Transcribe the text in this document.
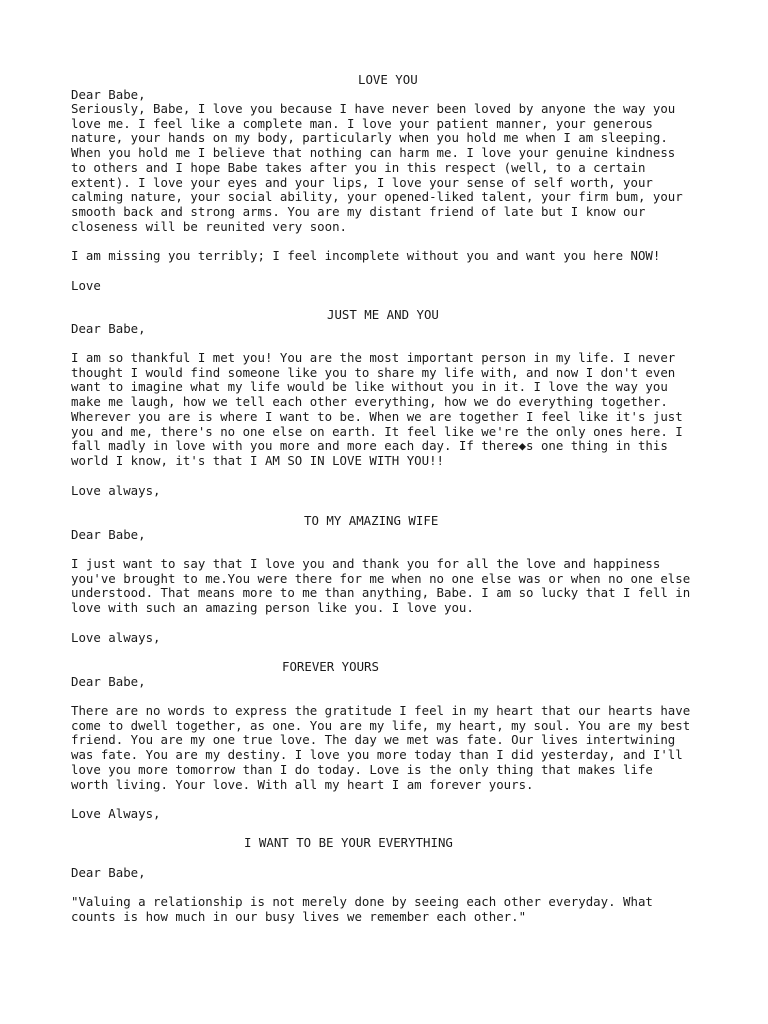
LOVE YOU

Dear Babe,

Seriously, Babe, I love you because I have never been loved by anyone the way you
love me. I feel like a complete man. I love your patient manner, your generous
nature, your hands on my body, particularly when you hold me when I am sleeping.
When you hold me I believe that nothing can harm me. I love your genuine kindness
to others and I hope Babe takes after you in this respect (well, to a certain
extent). I love your eyes and your lips, I love your sense of self worth, your
calming nature, your social ability, your opened-liked talent, your firm bum, your
smooth back and strong arms. You are my distant friend of late but I know our
closeness will be reunited very soon.

I am missing you terribly; I feel incomplete without you and want you here NOW!

Love

JUST ME AND YOU

Dear Babe,

I am so thankful I met you! You are the most important person in my life. I never
thought I would find someone like you to share my life with, and now I don't even
want to imagine what my life would be like without you in it. I love the way you
make me laugh, how we tell each other everything, how we do everything together.
Wherever you are is where I want to be. When we are together I feel like it's just
you and me, there's no one else on earth. It feel like we're the only ones here. I
fall madly in love with you more and more each day. If there◆s one thing in this
world I know, it's that I AM SO IN LOVE WITH YOU!!

Love always,

TO MY AMAZING WIFE

Dear Babe,

I just want to say that I love you and thank you for all the love and happiness
you've brought to me.You were there for me when no one else was or when no one else
understood. That means more to me than anything, Babe. I am so lucky that I fell in
love with such an amazing person like you. I love you.

Love always,

FOREVER YOURS

Dear Babe,

There are no words to express the gratitude I feel in my heart that our hearts have
come to dwell together, as one. You are my life, my heart, my soul. You are my best
friend. You are my one true love. The day we met was fate. Our lives intertwining
was fate. You are my destiny. I love you more today than I did yesterday, and I'll
love you more tomorrow than I do today. Love is the only thing that makes life
worth living. Your love. With all my heart I am forever yours.

Love Always,

I WANT TO BE YOUR EVERYTHING

Dear Babe,

"Valuing a relationship is not merely done by seeing each other everyday. What
counts is how much in our busy lives we remember each other."
